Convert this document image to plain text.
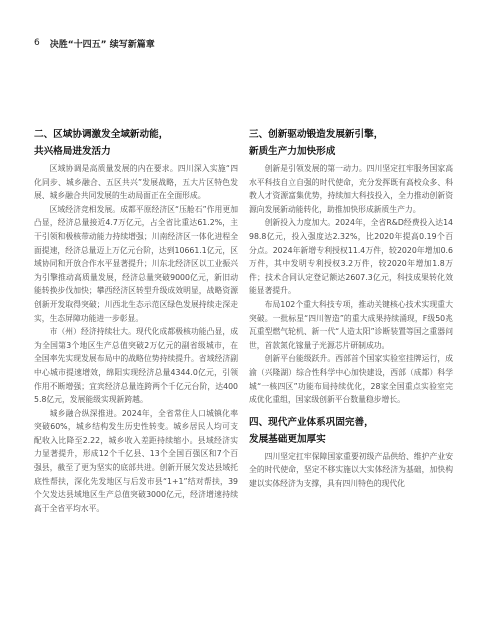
6 决胜“十四五” 续写新篇章
二、区域协调激发全域新动能，
共兴格局进发活力

区域协调是高质量发展的内在要求。四川深入实施“四化同步、城乡融合、五区共兴”发展战略，五大片区特色发展、城乡融合共同发展的生动局面正在全面形成。

区域经济竞相发展。成都平原经济区“压舱石”作用更加凸显，经济总量接近4.7万亿元，占全省比重达61.2%，主干引领和极核带动能力持续增强；川南经济区一体化进程全面提速，经济总量迈上万亿元台阶，达到10661.1亿元，区域协同和开放合作水平显著提升；川东北经济区以工业振兴为引擎推动高质量发展，经济总量突破9000亿元，新旧动能转换步伐加快；攀西经济区转型升级成效明显，战略资源创新开发取得突破；川西北生态示范区绿色发展持续走深走实，生态屏障功能进一步彰显。

市（州）经济持续壮大。现代化成都极核功能凸显，成为全国第3个地区生产总值突破2万亿元的副省级城市，在全国率先实现发展布局中的战略位势持续提升。省域经济副中心城市提速增效，绵阳实现经济总量4344.0亿元，引领作用不断增强；宜宾经济总量连跨两个千亿元台阶，达4005.8亿元，发展能级实现新跨越。

城乡融合纵深推进。2024年，全省常住人口城镇化率突破60%，城乡结构发生历史性转变。城乡居民人均可支配收入比降至2.22，城乡收入差距持续缩小。县域经济实力显著提升，形成12个千亿县、13个全国百强区和7个百强县，截至了更为坚实的底部共进。创新开展欠发达县域托底性帮扶，深化先发地区与后发市县“1+1”结对帮扶，39个欠发达县域地区生产总值突破3000亿元，经济增速持续高于全省平均水平。

三、创新驱动锻造发展新引擎，
新质生产力加快形成

创新是引领发展的第一动力。四川坚定扛牢服务国家高水平科技自立自强的时代使命，充分发挥既有高校众多、科教人才资源富集优势，持续加大科技投入，全力推动创新资源向发展新动能转化，助推加快形成新质生产力。

创新投入力度加大。2024年，全省R&D经费投入达1498.8亿元，投入强度达2.32%，比2020年提高0.19个百分点。2024年新增专利授权11.4万件，较2020年增加0.6万件，其中发明专利授权3.2万件，较2020年增加1.8万件；技术合同认定登记额达2607.3亿元，科技成果转化效能显著提升。

布局102个重大科技专项，推动关键核心技术实现重大突破。一批标星“四川智造”的重大成果持续涌现，F级50兆瓦重型燃气轮机、新一代“人造太阳”诊断装置等国之重器问世，首款氮化镓量子光源芯片研制成功。

创新平台能级跃升。西部首个国家实验室挂牌运行，成渝（兴隆湖）综合性科学中心加快建设，西部（成都）科学城“一核四区”功能布局持续优化，28家全国重点实验室完成优化重组，国家级创新平台数量稳步增长。

四、现代产业体系巩固完善，
发展基础更加厚实

四川坚定扛牢保障国家重要初级产品供给、维护产业安全的时代使命，坚定不移实施以大实体经济为基础，加快构建以实体经济为支撑，具有四川特色的现代化
